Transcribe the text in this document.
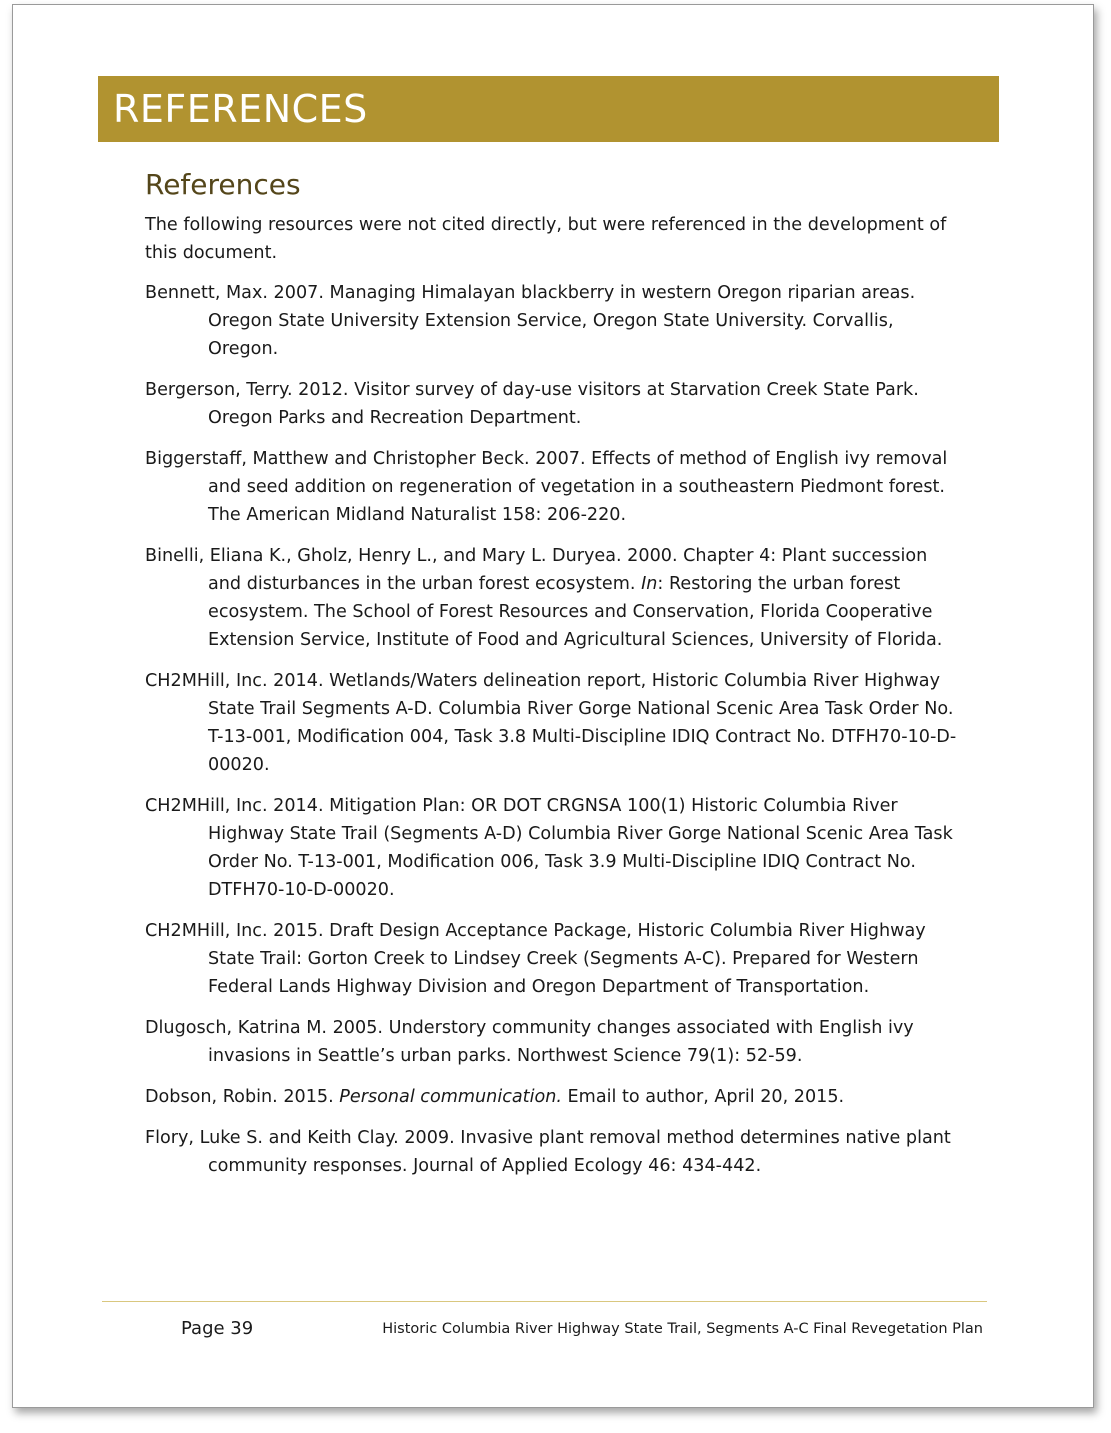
REFERENCES
References

The following resources were not cited directly, but were referenced in the development of this document.

Bennett, Max. 2007. Managing Himalayan blackberry in western Oregon riparian areas. Oregon State University Extension Service, Oregon State University. Corvallis, Oregon.

Bergerson, Terry. 2012. Visitor survey of day-use visitors at Starvation Creek State Park. Oregon Parks and Recreation Department.

Biggerstaff, Matthew and Christopher Beck. 2007. Effects of method of English ivy removal and seed addition on regeneration of vegetation in a southeastern Piedmont forest. The American Midland Naturalist 158: 206-220.

Binelli, Eliana K., Gholz, Henry L., and Mary L. Duryea. 2000. Chapter 4: Plant succession and disturbances in the urban forest ecosystem. In: Restoring the urban forest ecosystem. The School of Forest Resources and Conservation, Florida Cooperative Extension Service, Institute of Food and Agricultural Sciences, University of Florida.

CH2MHill, Inc. 2014. Wetlands/Waters delineation report, Historic Columbia River Highway State Trail Segments A-D. Columbia River Gorge National Scenic Area Task Order No. T-13-001, Modification 004, Task 3.8 Multi-Discipline IDIQ Contract No. DTFH70-10-D-00020.

CH2MHill, Inc. 2014. Mitigation Plan: OR DOT CRGNSA 100(1) Historic Columbia River Highway State Trail (Segments A-D) Columbia River Gorge National Scenic Area Task Order No. T-13-001, Modification 006, Task 3.9 Multi-Discipline IDIQ Contract No. DTFH70-10-D-00020.

CH2MHill, Inc. 2015. Draft Design Acceptance Package, Historic Columbia River Highway State Trail: Gorton Creek to Lindsey Creek (Segments A-C). Prepared for Western Federal Lands Highway Division and Oregon Department of Transportation.

Dlugosch, Katrina M. 2005. Understory community changes associated with English ivy invasions in Seattle’s urban parks. Northwest Science 79(1): 52-59.

Dobson, Robin. 2015. Personal communication. Email to author, April 20, 2015.

Flory, Luke S. and Keith Clay. 2009. Invasive plant removal method determines native plant community responses. Journal of Applied Ecology 46: 434-442.

Page 39	Historic Columbia River Highway State Trail, Segments A-C Final Revegetation Plan
